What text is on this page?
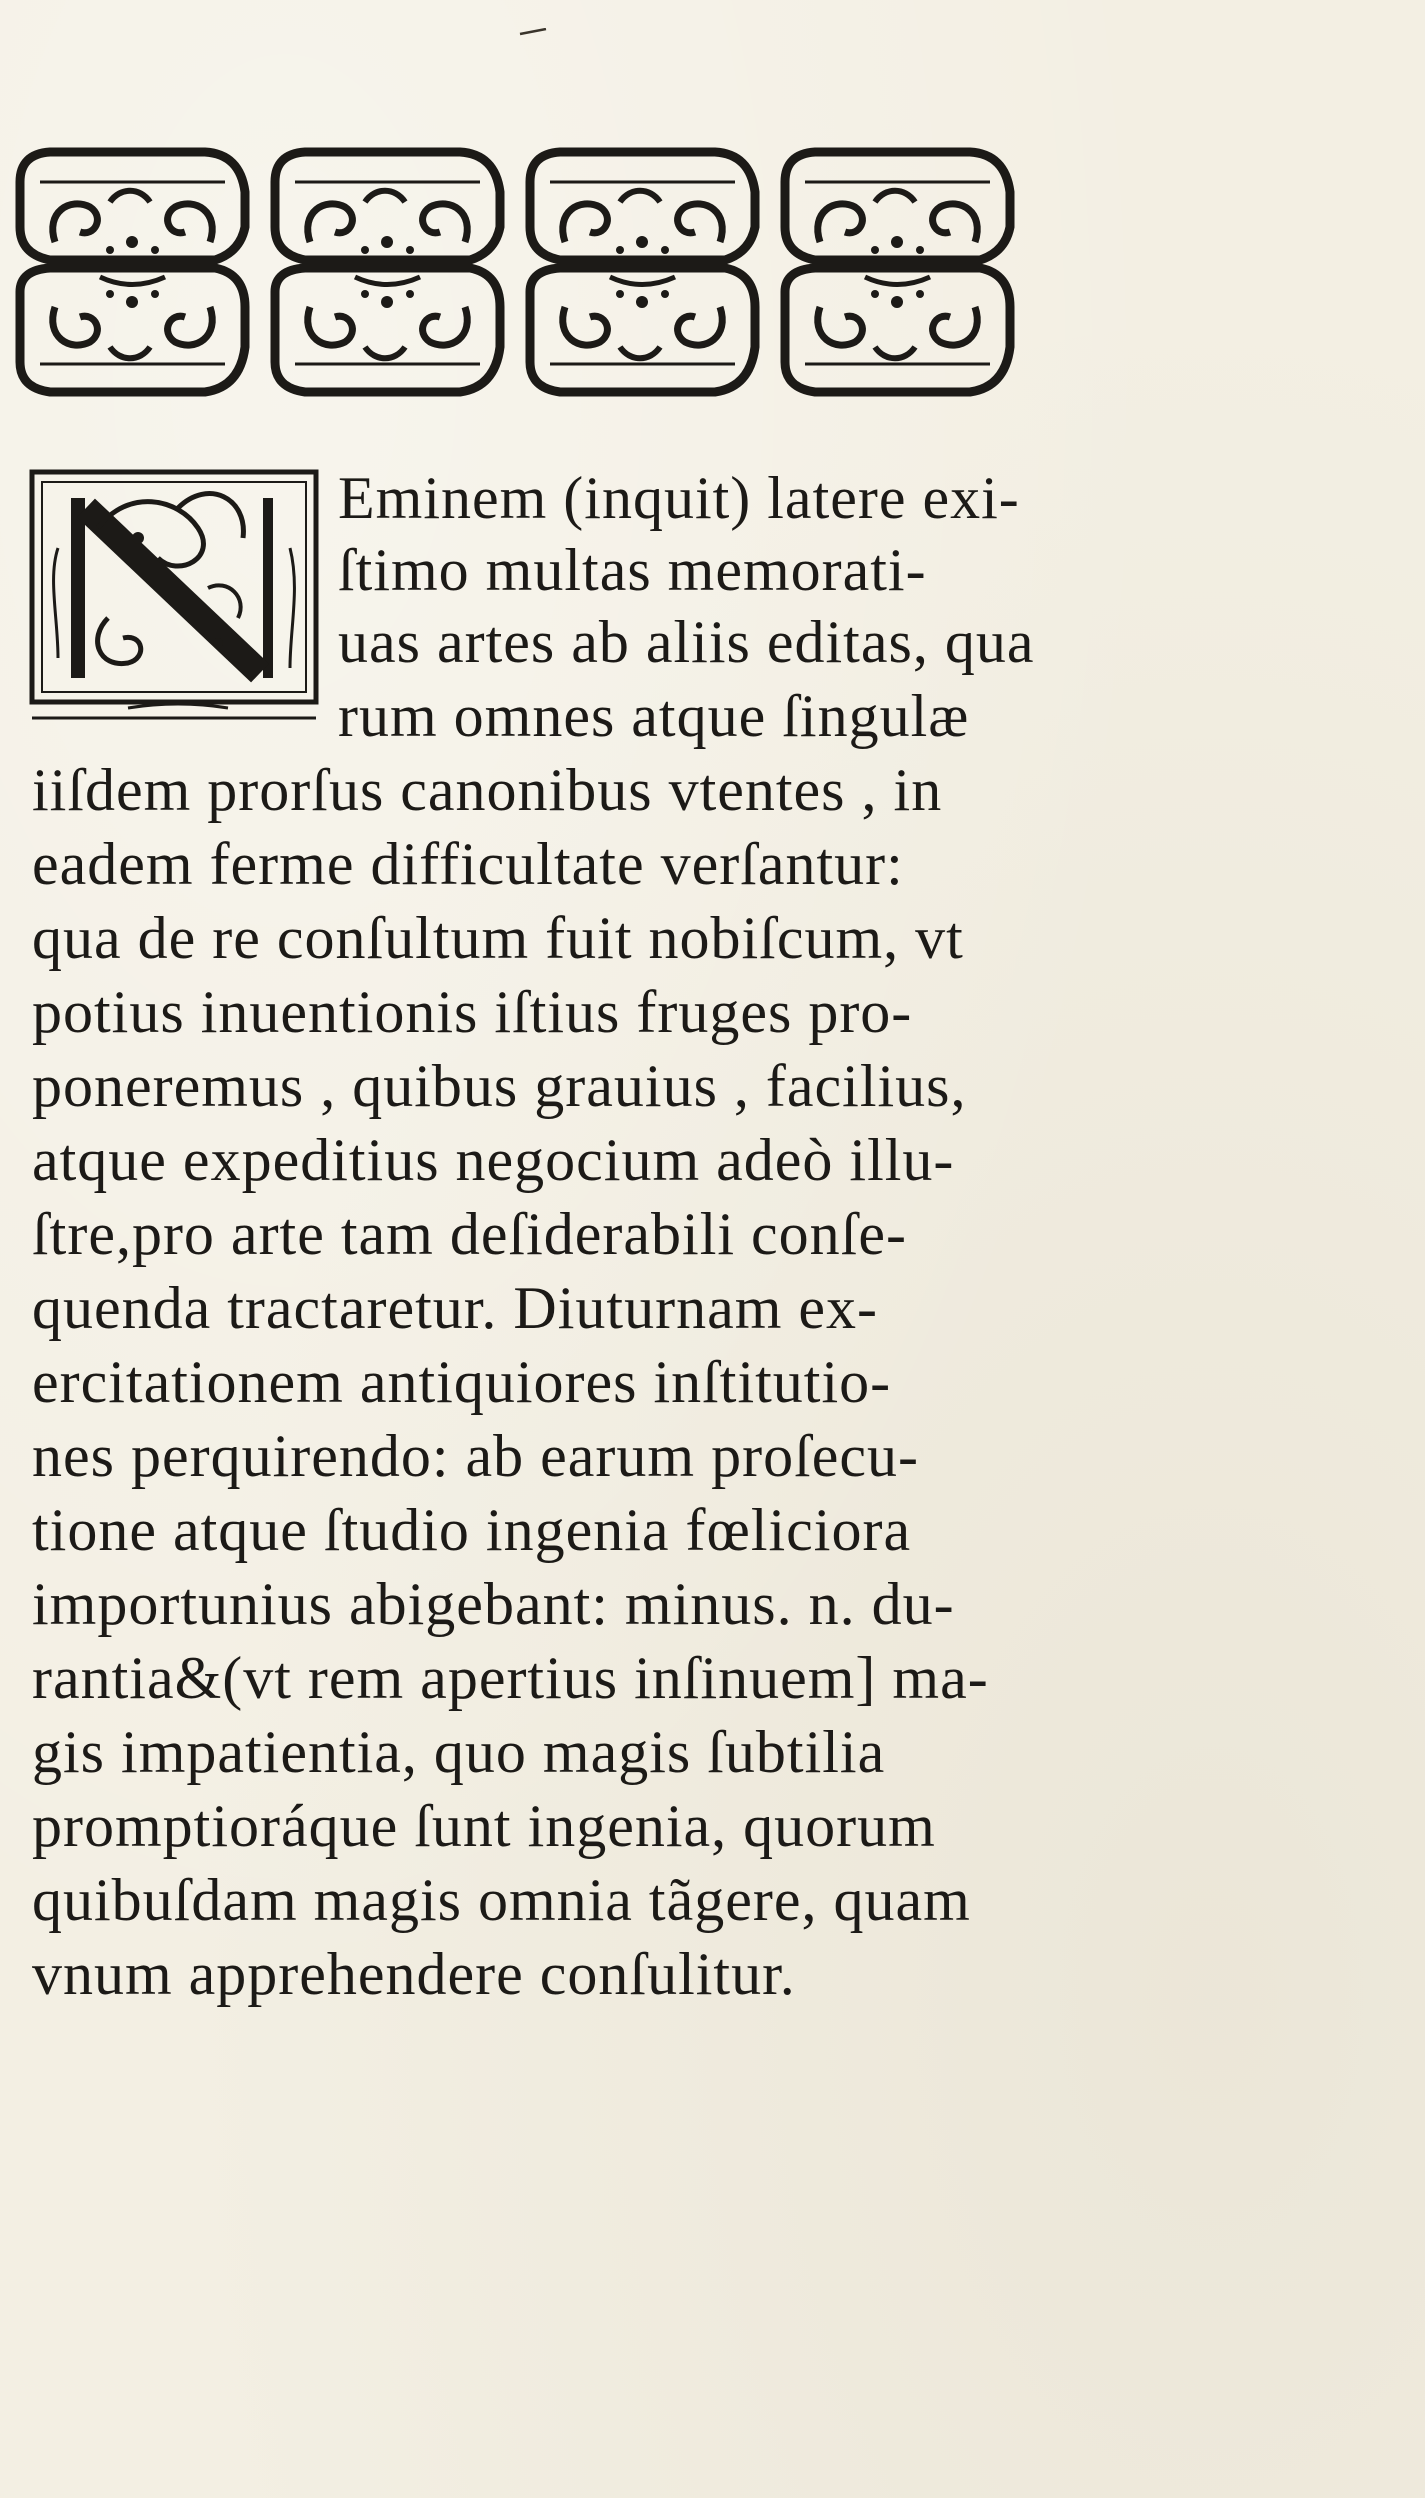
Eminem (inquit) latere exi-
ſtimo multas memorati-
uas artes ab aliis editas, qua
rum omnes atque ſingulæ
iiſdem prorſus canonibus vtentes , in
eadem ferme difficultate verſantur:
qua de re conſultum fuit nobiſcum, vt
potius inuentionis iſtius fruges pro-
poneremus , quibus grauius , facilius,
atque expeditius negocium adeò illu-
ſtre,pro arte tam deſiderabili conſe-
quenda tractaretur. Diuturnam ex-
ercitationem antiquiores inſtitutio-
nes perquirendo: ab earum proſecu-
tione atque ſtudio ingenia fœliciora
importunius abigebant: minus. n. du-
rantia&(vt rem apertius inſinuem] ma-
gis impatientia, quo magis ſubtilia
promptioráque ſunt ingenia, quorum
quibuſdam magis omnia tãgere, quam
vnum apprehendere conſulitur.
